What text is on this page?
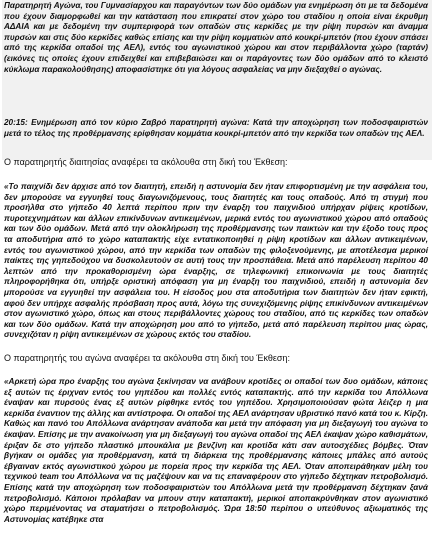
Παρατηρητή Αγώνα, του Γυμνασίαρχου και παραγόντων των δύο ομάδων για ενημέρωση ότι με τα δεδομένα που έχουν διαμορφωθεί και την κατάσταση που επικρατεί στον χώρο του σταδίου η οποία είναι έκρυθμη ΑΔΑΙΑ και με δεδομένη την συμπεριφορά των οπαδών στις κερκίδες με την ρίψη πυρσών και άναμμα πυρσών και στις δύο κερκίδες καθώς επίσης και την ρίψη κομματιών από κουκρί-μπετόν (που έχουν σπάσει από της κερκίδα οπαδοί της ΑΕΛ), εντός του αγωνιστικού χώρου και στον περιβάλλοντα χώρο (ταρτάν) (εικόνες τις οποίες έχουν επιδειχθεί και επιβεβαιώσει και οι παράγοντες των δύο ομάδων από το κλειστό κύκλωμα παρακολούθησης) αποφασίστηκε ότι για λόγους ασφαλείας να μην διεξαχθεί ο αγώνας.

20:15: Ενημέρωση από τον κύριο Ζαβρό παρατηρητή αγώνα: Κατά την αποχώρηση των ποδοσφαιριστών μετά το τέλος της προθέρμανσης ερίφθησαν κομμάτια κουκρί-μπετόν από την κερκίδα των οπαδών της ΑΕΛ.

Ο παρατηρητής διαιτησίας αναφέρει τα ακόλουθα στη δική του Έκθεση:

«Το παιχνίδι δεν άρχισε από τον διαιτητή, επειδή η αστυνομία δεν ήταν επιφορτισμένη με την ασφάλεια του, δεν μπορούσε να εγγυηθεί τους διαγωνιζόμενους, τους διαιτητές και τους οπαδούς. Από τη στιγμή που προσήλθα στο γήπεδο 40 λεπτά περίπου πριν την έναρξη του παιχνιδιού υπήρχαν ρίψεις κροτίδων, πυροτεχνημάτων και άλλων επικίνδυνων αντικειμένων, μερικά εντός του αγωνιστικού χώρου από οπαδούς και των δύο ομάδων. Μετά από την ολοκλήρωση της προθέρμανσης των παικτών και την έξοδο τους προς τα αποδυτήρια από το χώρο καταπακτής είχε εντατικοποιηθεί η ρίψη κροτίδων και άλλων αντικειμένων, εντός του αγωνιστικού χώρου, από την κερκίδα των οπαδών της φιλοξενούμενης, με αποτέλεσμα μερικοί παίκτες της γηπεδούχου να δυσκολευτούν σε αυτή τους την προσπάθεια. Μετά από παρέλευση περίπου 40 λεπτών από την προκαθορισμένη ώρα έναρξης, σε τηλεφωνική επικοινωνία με τους διαιτητές πληροφορήθηκα ότι, υπήρξε οριστική απόφαση για μη έναρξη του παιχνιδιού, επειδή η αστυνομία δεν μπορούσε να εγγυηθεί την ασφάλεια του. Η είσοδος μου στα αποδυτήρια των διαιτητών δεν ήταν εφικτή, αφού δεν υπήρχε ασφαλής πρόσβαση προς αυτά, λόγω της συνεχιζόμενης ρίψης επικίνδυνων αντικειμένων στον αγωνιστικό χώρο, όπως και στους περιβάλλοντες χώρους του σταδίου, από τις κερκίδες των οπαδών και των δύο ομάδων. Κατά την αποχώρηση μου από το γήπεδο, μετά από παρέλευση περίπου μιας ώρας, συνεχιζόταν η ρίψη αντικειμένων σε χώρους εκτός του σταδίου.

Ο παρατηρητής του αγώνα αναφέρει τα ακόλουθα στη δική του Έκθεση:

«Αρκετή ώρα προ έναρξης του αγώνα ξεκίνησαν να ανάβουν κροτίδες οι οπαδοί των δυο ομάδων, κάποιες εξ αυτών τις έριχναν εντός του γηπέδου και πολλές εντός καταπακτής. από την κερκίδα του Απόλλωνα έναψαν και πυρσούς ένας εξ αυτών ρίφθηκε εντός του γηπέδου. Χρησιμοποιούσαν φώτα λέιζερ η μια κερκίδα έναντιον της άλλης και αντίστροφα. Οι οπαδοί της ΑΕΛ ανάρτησαν υβριστικό πανό κατά του κ. Κίρζη. Καθώς και πανό του Απόλλωνα ανάρτησαν ανάποδα και μετά την απόφαση για μη διεξαγωγή του αγώνα το έκαψαν. Επίσης με την ανακοίνωση για μη διεξαγωγή του αγώνα οπαδοί της ΑΕΛ έκαψαν χώρο καθισμάτων, έριξαν δε στο γήπεδο πλαστικό μπουκάλια με βενζίνη και κροτίδα κάτι σαν αυτοσχέδιες βόμβες. Όταν βγήκαν οι ομάδες για προθέρμανση, κατά τη διάρκεια της προθέρμανσης κάποιες μπάλες από αυτούς έβγαιναν εκτός αγωνιστικού χώρου με πορεία προς την κερκίδα της ΑΕΛ. Όταν αποπειράθηκαν μέλη του τεχνικού team του Απόλλωνα να τις μαζέψουν και να τις επαναφέρουν στο γήπεδο δέχτηκαν πετροβολισμό. Επίσης κατά την αποχώρηση των ποδοσφαιριστών του Απόλλωνα μετά την προθέρμανση δέχτηκαν ξανά πετροβολισμό. Κάποιοι πρόλαβαν να μπουν στην καταπακτή, μερικοί αποπακρύνθηκαν στον αγωνιστικό χώρο περιμένοντας να σταματήσει ο πετροβολισμός. Ώρα 18:50 περίπου ο υπεύθυνος αξιωματικός της Αστυνομίας κατέβηκε στα
